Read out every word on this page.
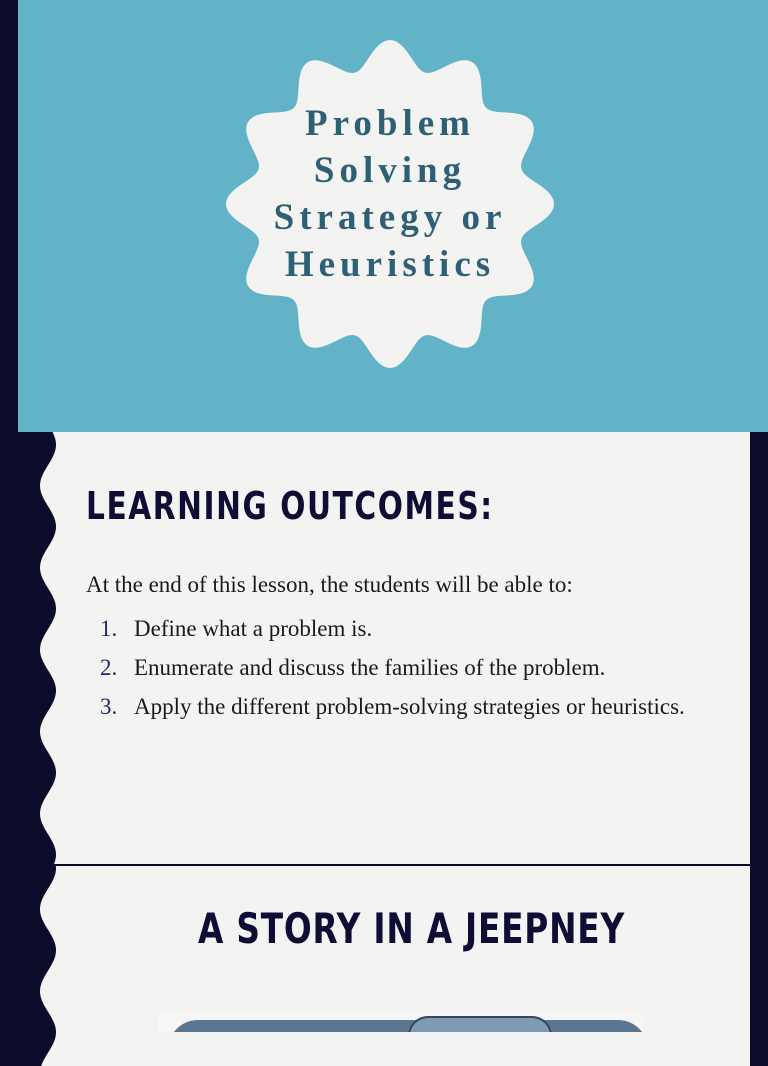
Problem
Solving
Strategy or
Heuristics
LEARNING OUTCOMES:
At the end of this lesson, the students will be able to:
1. Define what a problem is.
2. Enumerate and discuss the families of the problem.
3. Apply the different problem-solving strategies or heuristics.
A STORY IN A JEEPNEY
